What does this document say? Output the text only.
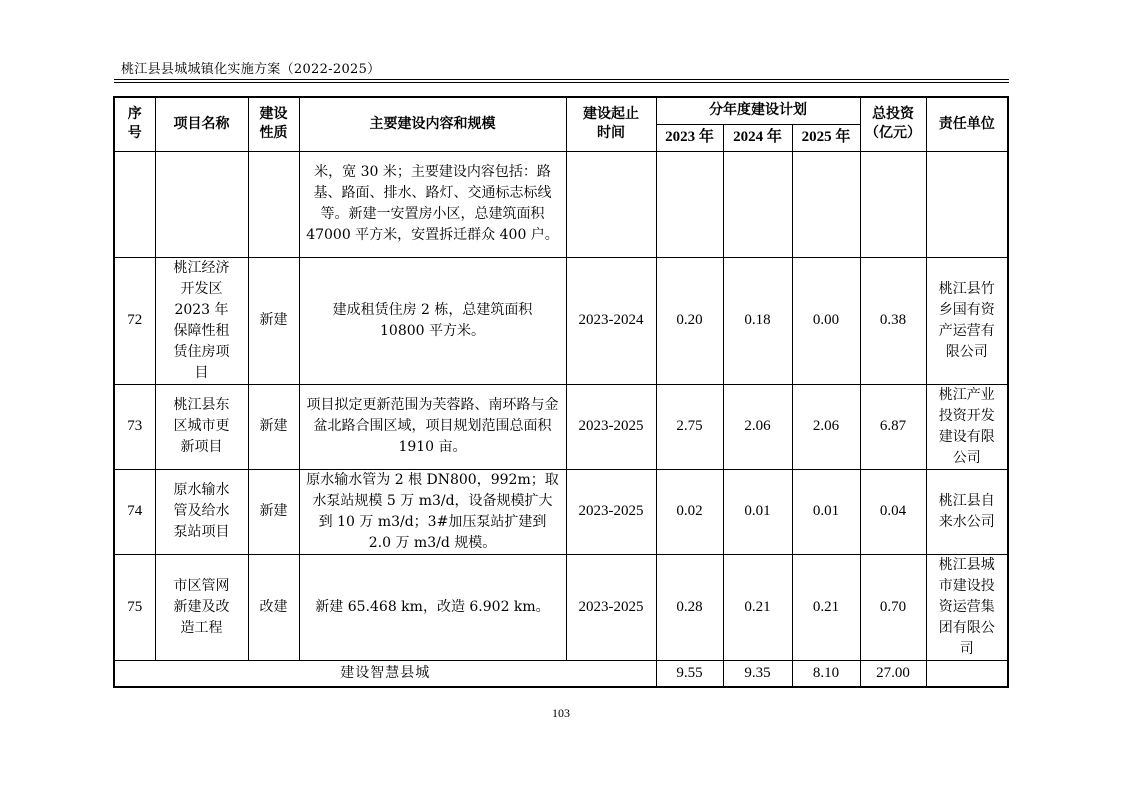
桃江县县城城镇化实施方案（2022-2025）
序号	项目名称	建设性质	主要建设内容和规模	建设起止时间	分年度建设计划			总投资（亿元）	责任单位
					2023 年	2024 年	2025 年		
			米，宽 30 米；主要建设内容包括：路基、路面、排水、路灯、交通标志标线等。新建一安置房小区，总建筑面积 47000 平方米，安置拆迁群众 400 户。						
72	桃江经济开发区 2023 年保障性租赁住房项目	新建	建成租赁住房 2 栋，总建筑面积 10800 平方米。	2023-2024	0.20	0.18	0.00	0.38	桃江县竹乡国有资产运营有限公司
73	桃江县东区城市更新项目	新建	项目拟定更新范围为芙蓉路、南环路与金盆北路合围区域，项目规划范围总面积 1910 亩。	2023-2025	2.75	2.06	2.06	6.87	桃江产业投资开发建设有限公司
74	原水输水管及给水泵站项目	新建	原水输水管为 2 根 DN800，992m；取水泵站规模 5 万 m3/d，设备规模扩大到 10 万 m3/d；3#加压泵站扩建到 2.0 万 m3/d 规模。	2023-2025	0.02	0.01	0.01	0.04	桃江县自来水公司
75	市区管网新建及改造工程	改建	新建 65.468 km，改造 6.902 km。	2023-2025	0.28	0.21	0.21	0.70	桃江县城市建设投资运营集团有限公司
建设智慧县城					9.55	9.35	8.10	27.00	
103
